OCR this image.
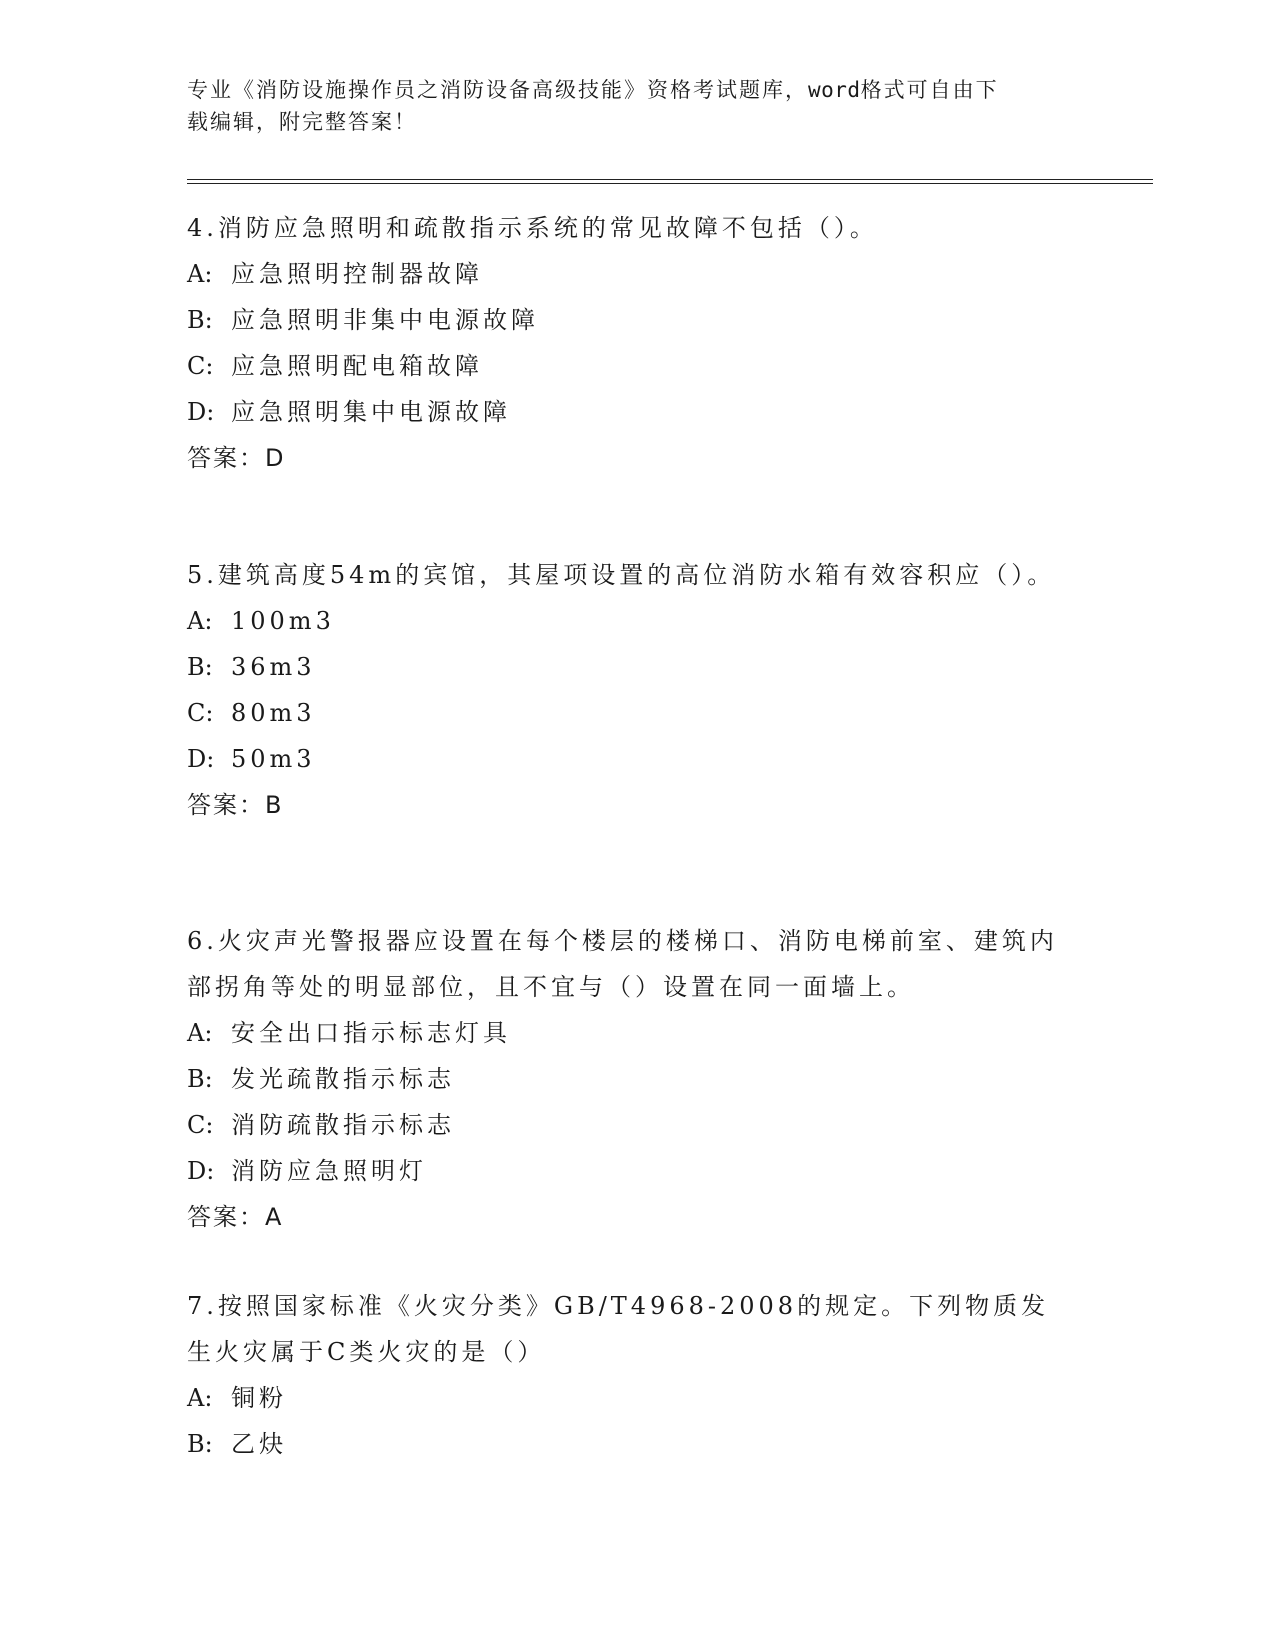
专业《消防设施操作员之消防设备高级技能》资格考试题库，word格式可自由下
载编辑，附完整答案！

4.消防应急照明和疏散指示系统的常见故障不包括（）。

A: 应急照明控制器故障

B: 应急照明非集中电源故障

C: 应急照明配电箱故障

D: 应急照明集中电源故障

答案：D

5.建筑高度54m的宾馆，其屋项设置的高位消防水箱有效容积应（）。

A: 100m3

B: 36m3

C: 80m3

D: 50m3

答案：B

6.火灾声光警报器应设置在每个楼层的楼梯口、消防电梯前室、建筑内部拐角等处的明显部位，且不宜与（）设置在同一面墙上。

A: 安全出口指示标志灯具

B: 发光疏散指示标志

C: 消防疏散指示标志

D: 消防应急照明灯

答案：A

7.按照国家标准《火灾分类》GB/T4968-2008的规定。下列物质发生火灾属于C类火灾的是（）

A: 铜粉

B: 乙炔
